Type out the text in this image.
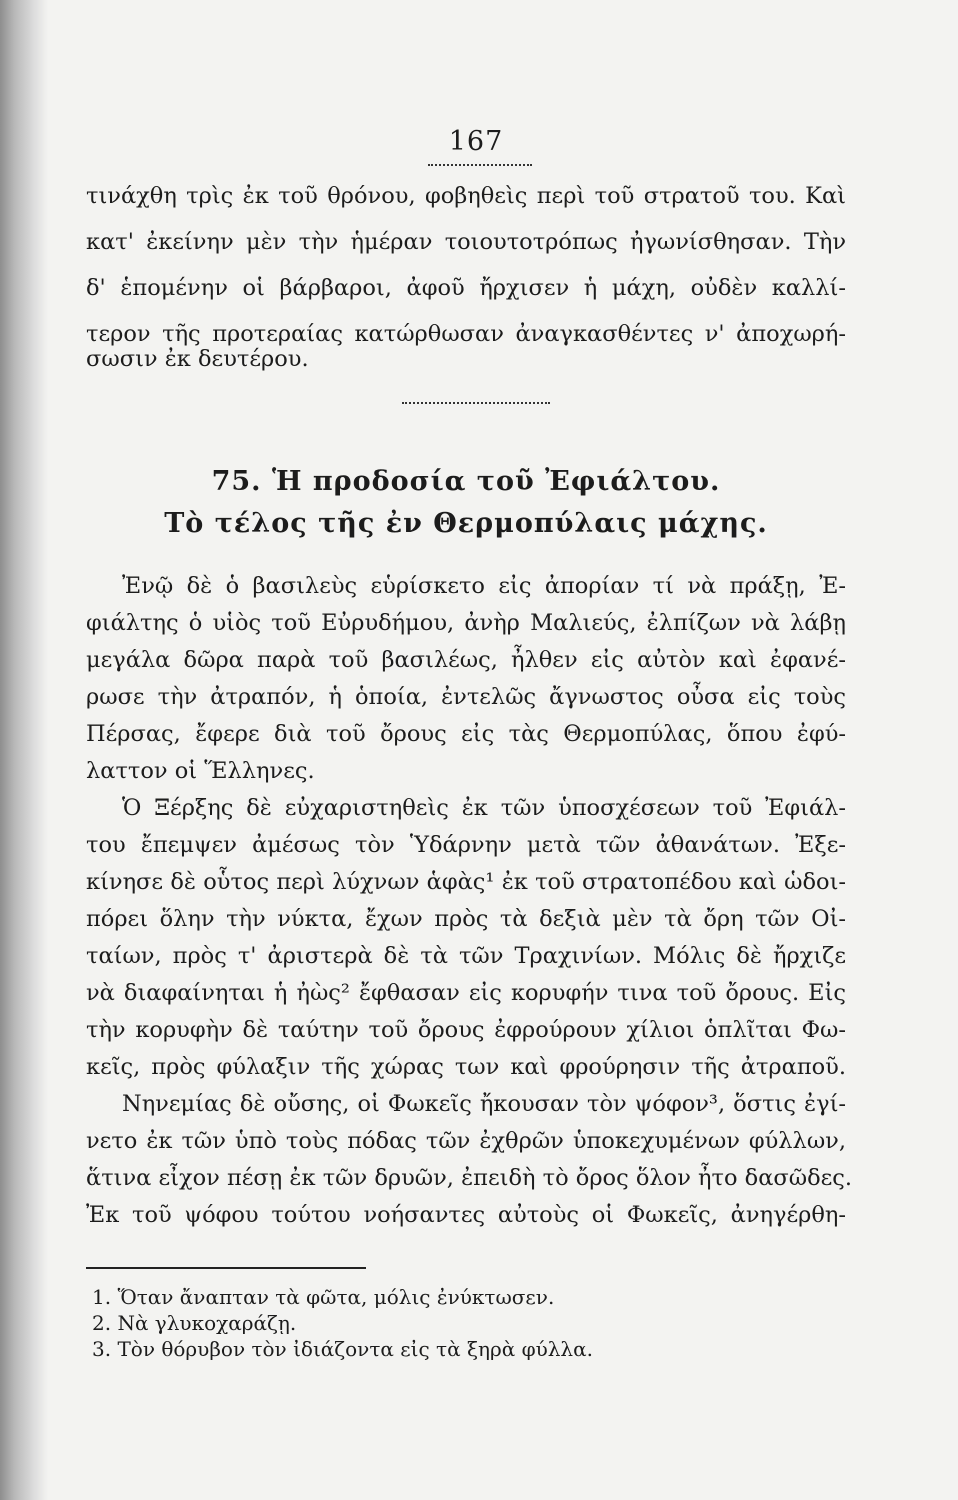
167
τινάχθη τρὶς ἐκ τοῦ θρόνου, φοβηθεὶς περὶ τοῦ στρατοῦ του. Καὶ
κατ' ἐκείνην μὲν τὴν ἡμέραν τοιουτοτρόπως ἠγωνίσθησαν. Τὴν
δ' ἑπομένην οἱ βάρβαροι, ἀφοῦ ἤρχισεν ἡ μάχη, οὐδὲν καλλί-
τερον τῆς προτεραίας κατώρθωσαν ἀναγκασθέντες ν' ἀποχωρή-
σωσιν ἐκ δευτέρου.
75. Ἡ προδοσία τοῦ Ἐφιάλτου.
Τὸ τέλος τῆς ἐν Θερμοπύλαις μάχης.
Ἐνῷ δὲ ὁ βασιλεὺς εὑρίσκετο εἰς ἀπορίαν τί νὰ πράξῃ, Ἐ-
φιάλτης ὁ υἱὸς τοῦ Εὐρυδήμου, ἀνὴρ Μαλιεύς, ἐλπίζων νὰ λάβῃ
μεγάλα δῶρα παρὰ τοῦ βασιλέως, ἦλθεν εἰς αὐτὸν καὶ ἐφανέ-
ρωσε τὴν ἀτραπόν, ἡ ὁποία, ἐντελῶς ἄγνωστος οὖσα εἰς τοὺς
Πέρσας, ἔφερε διὰ τοῦ ὄρους εἰς τὰς Θερμοπύλας, ὅπου ἐφύ-
λαττον οἱ Ἕλληνες.
Ὁ Ξέρξης δὲ εὐχαριστηθεὶς ἐκ τῶν ὑποσχέσεων τοῦ Ἐφιάλ-
του ἔπεμψεν ἀμέσως τὸν Ὑδάρνην μετὰ τῶν ἀθανάτων. Ἐξε-
κίνησε δὲ οὗτος περὶ λύχνων ἁφὰς¹ ἐκ τοῦ στρατοπέδου καὶ ὡδοι-
πόρει ὅλην τὴν νύκτα, ἔχων πρὸς τὰ δεξιὰ μὲν τὰ ὄρη τῶν Οἰ-
ταίων, πρὸς τ' ἀριστερὰ δὲ τὰ τῶν Τραχινίων. Μόλις δὲ ἤρχιζε
νὰ διαφαίνηται ἡ ἠὼς² ἔφθασαν εἰς κορυφήν τινα τοῦ ὄρους. Εἰς
τὴν κορυφὴν δὲ ταύτην τοῦ ὄρους ἐφρούρουν χίλιοι ὁπλῖται Φω-
κεῖς, πρὸς φύλαξιν τῆς χώρας των καὶ φρούρησιν τῆς ἀτραποῦ.
Νηνεμίας δὲ οὔσης, οἱ Φωκεῖς ἤκουσαν τὸν ψόφον³, ὅστις ἐγί-
νετο ἐκ τῶν ὑπὸ τοὺς πόδας τῶν ἐχθρῶν ὑποκεχυμένων φύλλων,
ἅτινα εἶχον πέσῃ ἐκ τῶν δρυῶν, ἐπειδὴ τὸ ὄρος ὅλον ἦτο δασῶδες.
Ἐκ τοῦ ψόφου τούτου νοήσαντες αὐτοὺς οἱ Φωκεῖς, ἀνηγέρθη-
1. Ὅταν ἄναπταν τὰ φῶτα, μόλις ἐνύκτωσεν.
2. Νὰ γλυκοχαράζῃ.
3. Τὸν θόρυβον τὸν ἰδιάζοντα εἰς τὰ ξηρὰ φύλλα.
